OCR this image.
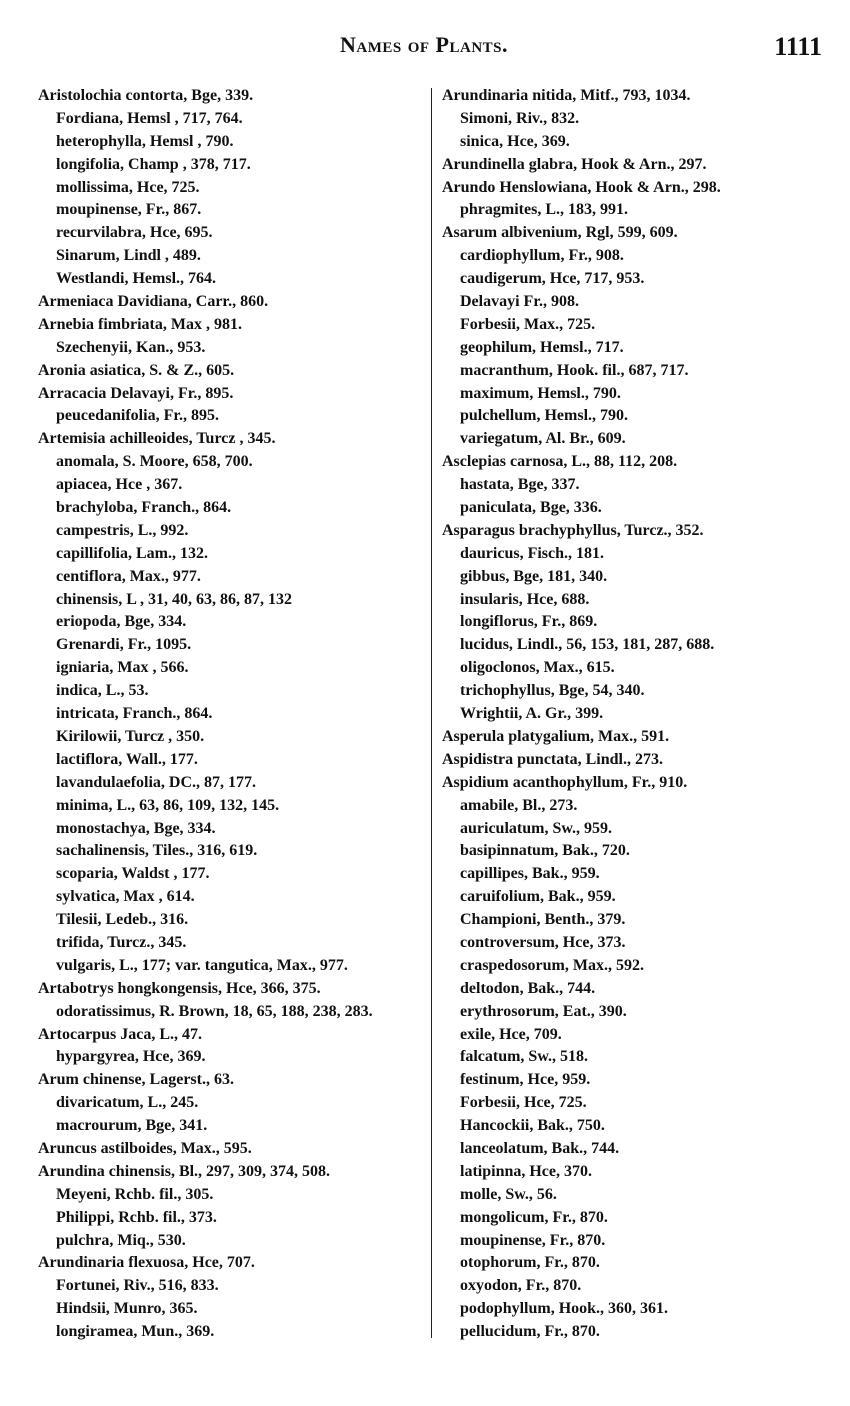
Names of Plants.	1111
Aristolochia contorta, Bge, 339.
Fordiana, Hemsl , 717, 764.
heterophylla, Hemsl , 790.
longifolia, Champ , 378, 717.
mollissima, Hce, 725.
moupinense, Fr., 867.
recurvilabra, Hce, 695.
Sinarum, Lindl , 489.
Westlandi, Hemsl., 764.
Armeniaca Davidiana, Carr., 860.
Arnebia fimbriata, Max , 981.
Szechenyii, Kan., 953.
Aronia asiatica, S. & Z., 605.
Arracacia Delavayi, Fr., 895.
peucedanifolia, Fr., 895.
Artemisia achilleoides, Turcz , 345.
anomala, S. Moore, 658, 700.
apiacea, Hce , 367.
brachyloba, Franch., 864.
campestris, L., 992.
capillifolia, Lam., 132.
centiflora, Max., 977.
chinensis, L , 31, 40, 63, 86, 87, 132
eriopoda, Bge, 334.
Grenardi, Fr., 1095.
igniaria, Max , 566.
indica, L., 53.
intricata, Franch., 864.
Kirilowii, Turcz , 350.
lactiflora, Wall., 177.
lavandulaefolia, DC., 87, 177.
minima, L., 63, 86, 109, 132, 145.
monostachya, Bge, 334.
sachalinensis, Tiles., 316, 619.
scoparia, Waldst , 177.
sylvatica, Max , 614.
Tilesii, Ledeb., 316.
trifida, Turcz., 345.
vulgaris, L., 177; var. tangutica, Max., 977.
Artabotrys hongkongensis, Hce, 366, 375.
odoratissimus, R. Brown, 18, 65, 188, 238, 283.
Artocarpus Jaca, L., 47.
hypargyrea, Hce, 369.
Arum chinense, Lagerst., 63.
divaricatum, L., 245.
macrourum, Bge, 341.
Aruncus astilboides, Max., 595.
Arundina chinensis, Bl., 297, 309, 374, 508.
Meyeni, Rchb. fil., 305.
Philippi, Rchb. fil., 373.
pulchra, Miq., 530.
Arundinaria flexuosa, Hce, 707.
Fortunei, Riv., 516, 833.
Hindsii, Munro, 365.
longiramea, Mun., 369.
Arundinaria nitida, Mitf., 793, 1034.
Simoni, Riv., 832.
sinica, Hce, 369.
Arundinella glabra, Hook & Arn., 297.
Arundo Henslowiana, Hook & Arn., 298.
phragmites, L., 183, 991.
Asarum albivenium, Rgl, 599, 609.
cardiophyllum, Fr., 908.
caudigerum, Hce, 717, 953.
Delavayi Fr., 908.
Forbesii, Max., 725.
geophilum, Hemsl., 717.
macranthum, Hook. fil., 687, 717.
maximum, Hemsl., 790.
pulchellum, Hemsl., 790.
variegatum, Al. Br., 609.
Asclepias carnosa, L., 88, 112, 208.
hastata, Bge, 337.
paniculata, Bge, 336.
Asparagus brachyphyllus, Turcz., 352.
dauricus, Fisch., 181.
gibbus, Bge, 181, 340.
insularis, Hce, 688.
longiflorus, Fr., 869.
lucidus, Lindl., 56, 153, 181, 287, 688.
oligoclonos, Max., 615.
trichophyllus, Bge, 54, 340.
Wrightii, A. Gr., 399.
Asperula platygalium, Max., 591.
Aspidistra punctata, Lindl., 273.
Aspidium acanthophyllum, Fr., 910.
amabile, Bl., 273.
auriculatum, Sw., 959.
basipinnatum, Bak., 720.
capillipes, Bak., 959.
caruifolium, Bak., 959.
Championi, Benth., 379.
controversum, Hce, 373.
craspedosorum, Max., 592.
deltodon, Bak., 744.
erythrosorum, Eat., 390.
exile, Hce, 709.
falcatum, Sw., 518.
festinum, Hce, 959.
Forbesii, Hce, 725.
Hancockii, Bak., 750.
lanceolatum, Bak., 744.
latipinna, Hce, 370.
molle, Sw., 56.
mongolicum, Fr., 870.
moupinense, Fr., 870.
otophorum, Fr., 870.
oxyodon, Fr., 870.
podophyllum, Hook., 360, 361.
pellucidum, Fr., 870.
